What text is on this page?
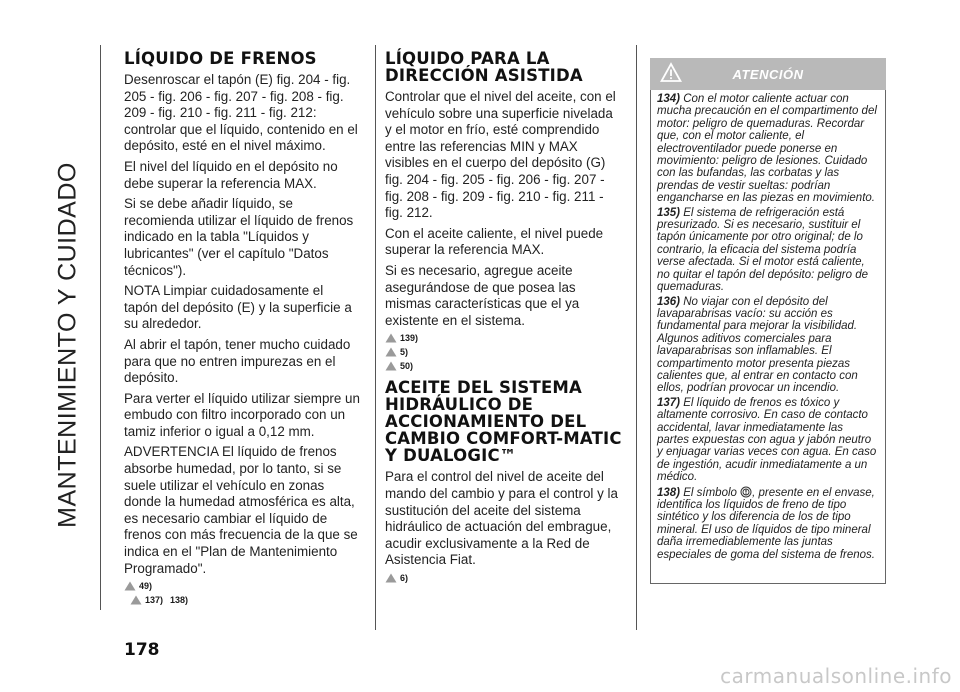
MANTENIMIENTO Y CUIDADO
LÍQUIDO DE FRENOS

Desenroscar el tapón (E) fig. 204 - fig. 205 - fig. 206 - fig. 207 - fig. 208 - fig. 209 - fig. 210 - fig. 211 - fig. 212: controlar que el líquido, contenido en el depósito, esté en el nivel máximo.

El nivel del líquido en el depósito no debe superar la referencia MAX.

Si se debe añadir líquido, se recomienda utilizar el líquido de frenos indicado en la tabla "Líquidos y lubricantes" (ver el capítulo "Datos técnicos").

NOTA Limpiar cuidadosamente el tapón del depósito (E) y la superficie a su alrededor.

Al abrir el tapón, tener mucho cuidado para que no entren impurezas en el depósito.

Para verter el líquido utilizar siempre un embudo con filtro incorporado con un tamiz inferior o igual a 0,12 mm.

ADVERTENCIA El líquido de frenos absorbe humedad, por lo tanto, si se suele utilizar el vehículo en zonas donde la humedad atmosférica es alta, es necesario cambiar el líquido de frenos con más frecuencia de la que se indica en el "Plan de Mantenimiento Programado".

49)
137) 138)
LÍQUIDO PARA LA DIRECCIÓN ASISTIDA

Controlar que el nivel del aceite, con el vehículo sobre una superficie nivelada y el motor en frío, esté comprendido entre las referencias MIN y MAX visibles en el cuerpo del depósito (G) fig. 204 - fig. 205 - fig. 206 - fig. 207 - fig. 208 - fig. 209 - fig. 210 - fig. 211 - fig. 212.

Con el aceite caliente, el nivel puede superar la referencia MAX.

Si es necesario, agregue aceite asegurándose de que posea las mismas características que el ya existente en el sistema.

139)
5)
50)
ACEITE DEL SISTEMA HIDRÁULICO DE ACCIONAMIENTO DEL CAMBIO COMFORT-MATIC Y DUALOGIC™

Para el control del nivel de aceite del mando del cambio y para el control y la sustitución del aceite del sistema hidráulico de actuación del embrague, acudir exclusivamente a la Red de Asistencia Fiat.

6)
ATENCIÓN
134) Con el motor caliente actuar con mucha precaución en el compartimento del motor: peligro de quemaduras. Recordar que, con el motor caliente, el electroventilador puede ponerse en movimiento: peligro de lesiones. Cuidado con las bufandas, las corbatas y las prendas de vestir sueltas: podrían engancharse en las piezas en movimiento.
135) El sistema de refrigeración está presurizado. Si es necesario, sustituir el tapón únicamente por otro original; de lo contrario, la eficacia del sistema podría verse afectada. Si el motor está caliente, no quitar el tapón del depósito: peligro de quemaduras.
136) No viajar con el depósito del lavaparabrisas vacío: su acción es fundamental para mejorar la visibilidad. Algunos aditivos comerciales para lavaparabrisas son inflamables. El compartimento motor presenta piezas calientes que, al entrar en contacto con ellos, podrían provocar un incendio.
137) El líquido de frenos es tóxico y altamente corrosivo. En caso de contacto accidental, lavar inmediatamente las partes expuestas con agua y jabón neutro y enjuagar varias veces con agua. En caso de ingestión, acudir inmediatamente a un médico.
138) El símbolo , presente en el envase, identifica los líquidos de freno de tipo sintético y los diferencia de los de tipo mineral. El uso de líquidos de tipo mineral daña irremediablemente las juntas especiales de goma del sistema de frenos.
178
carmanualsonline.info
